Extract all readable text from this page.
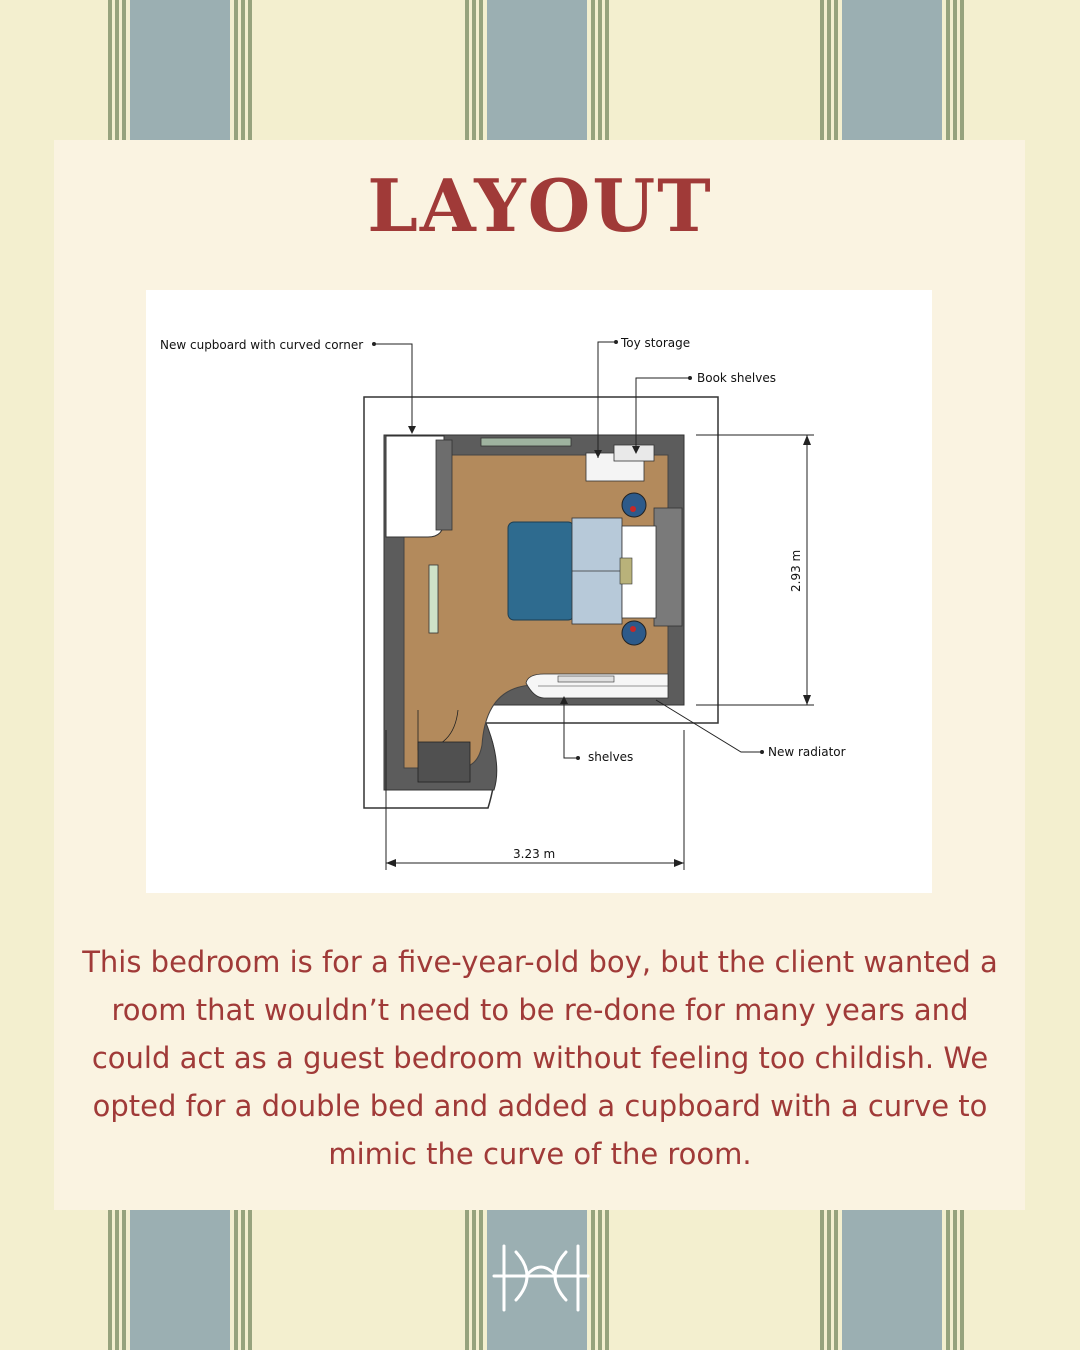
LAYOUT
New cupboard with curved corner	Toy storage
Book shelves
shelves	New radiator
3.23 m
2.93 m

This bedroom is for a five-year-old boy, but the client wanted a room that wouldn’t need to be re-done for many years and could act as a guest bedroom without feeling too childish. We opted for a double bed and added a cupboard with a curve to mimic the curve of the room.
